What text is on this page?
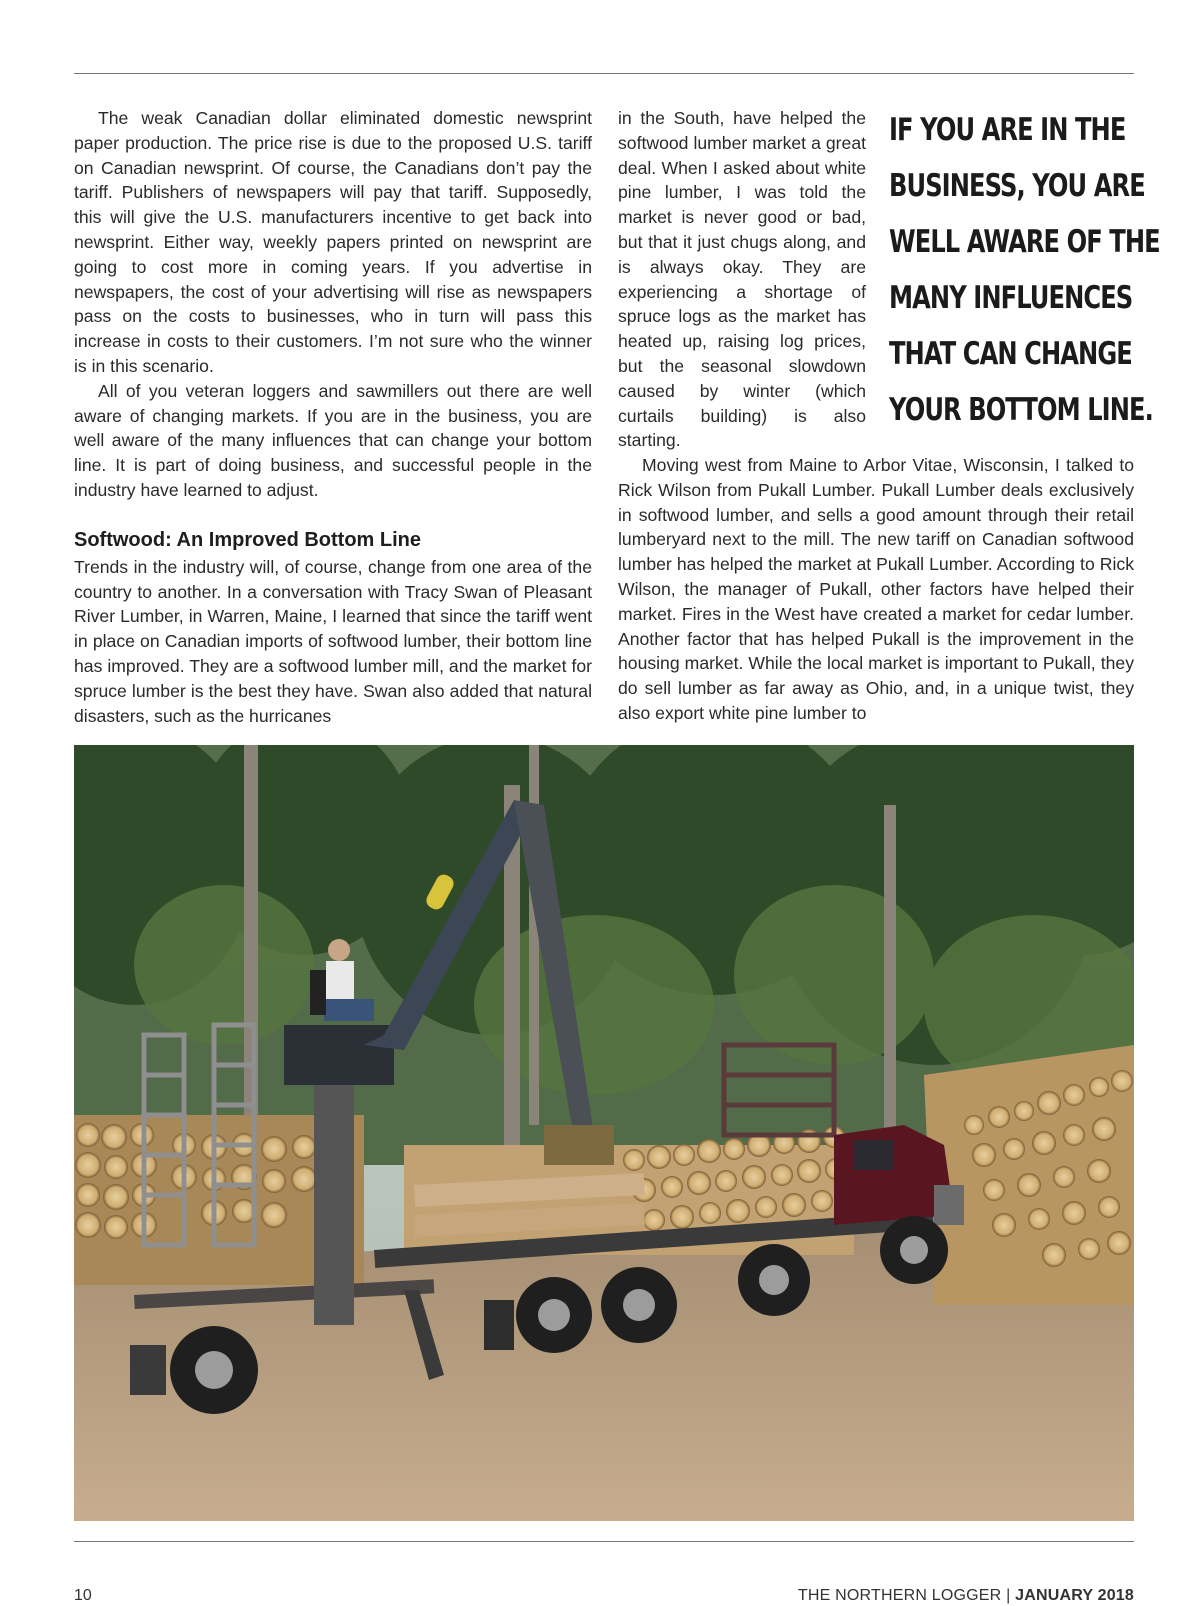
The weak Canadian dollar eliminated domestic newsprint paper production. The price rise is due to the proposed U.S. tariff on Canadian newsprint. Of course, the Canadians don’t pay the tariff. Publishers of newspapers will pay that tariff. Supposedly, this will give the U.S. manufacturers incentive to get back into newsprint. Either way, weekly papers printed on newsprint are going to cost more in coming years. If you advertise in newspapers, the cost of your advertising will rise as newspapers pass on the costs to businesses, who in turn will pass this increase in costs to their customers. I’m not sure who the winner is in this scenario.

All of you veteran loggers and sawmillers out there are well aware of changing markets. If you are in the business, you are well aware of the many influences that can change your bottom line. It is part of doing business, and successful people in the industry have learned to adjust.

Softwood: An Improved Bottom Line

Trends in the industry will, of course, change from one area of the country to another. In a conversation with Tracy Swan of Pleasant River Lumber, in Warren, Maine, I learned that since the tariff went in place on Canadian imports of softwood lumber, their bottom line has improved. They are a softwood lumber mill, and the market for spruce lumber is the best they have. Swan also added that natural disasters, such as the hurricanes

in the South, have helped the softwood lumber market a great deal. When I asked about white pine lumber, I was told the market is never good or bad, but that it just chugs along, and is always okay. They are experiencing a shortage of spruce logs as the market has heated up, raising log prices, but the seasonal slowdown caused by winter (which curtails building) is also starting.

Moving west from Maine to Arbor Vitae, Wisconsin, I talked to Rick Wilson from Pukall Lumber. Pukall Lumber deals exclusively in softwood lumber, and sells a good amount through their retail lumberyard next to the mill. The new tariff on Canadian softwood lumber has helped the market at Pukall Lumber. According to Rick Wilson, the manager of Pukall, other factors have helped their market. Fires in the West have created a market for cedar lumber. Another factor that has helped Pukall is the improvement in the housing market. While the local market is important to Pukall, they do sell lumber as far away as Ohio, and, in a unique twist, they also export white pine lumber to

IF YOU ARE IN THE
BUSINESS, YOU ARE
WELL AWARE OF THE
MANY INFLUENCES
THAT CAN CHANGE
YOUR BOTTOM LINE.
10	THE NORTHERN LOGGER | JANUARY 2018
